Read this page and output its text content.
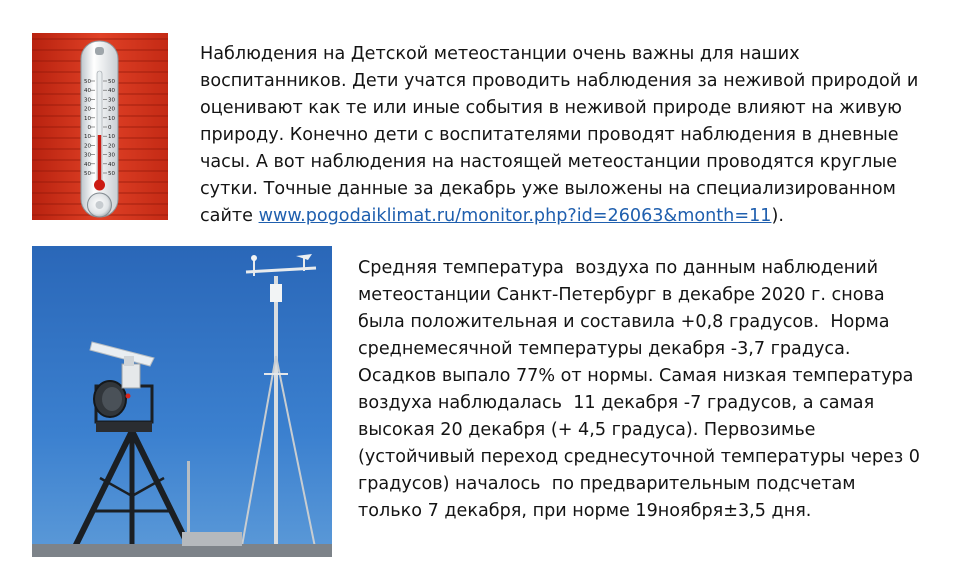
50
40
30
20
10
0
10
20
30
40
50
50
40
30
20
10
0
10
20
30
40
50

Наблюдения на Детской метеостанции очень важны для наших
воспитанников. Дети учатся проводить наблюдения за неживой природой и
оценивают как те или иные события в неживой природе влияют на живую
природу. Конечно дети с воспитателями проводят наблюдения в дневные
часы. А вот наблюдения на настоящей метеостанции проводятся круглые
сутки. Точные данные за декабрь уже выложены на специализированном
сайте www.pogodaiklimat.ru/monitor.php?id=26063&month=11).

Средняя температура  воздуха по данным наблюдений
метеостанции Санкт-Петербург в декабре 2020 г. снова
была положительная и составила +0,8 градусов.  Норма
среднемесячной температуры декабря -3,7 градуса.
Осадков выпало 77% от нормы. Самая низкая температура
воздуха наблюдалась  11 декабря -7 градусов, а самая
высокая 20 декабря (+ 4,5 градуса). Первозимье
(устойчивый переход среднесуточной температуры через 0
градусов) началось  по предварительным подсчетам
только 7 декабря, при норме 19ноября±3,5 дня.
